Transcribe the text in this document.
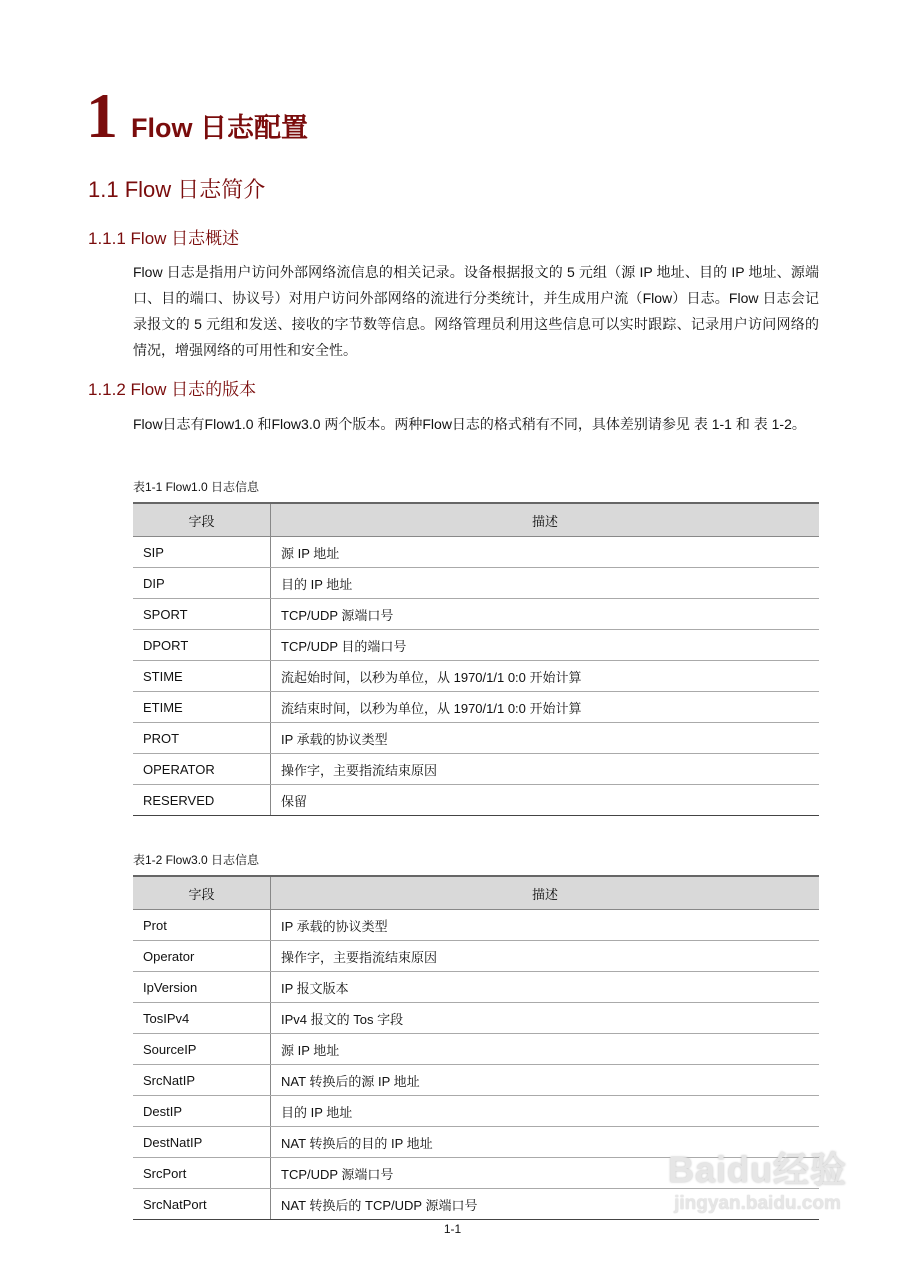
1 Flow 日志配置
1.1 Flow 日志简介
1.1.1 Flow 日志概述
Flow 日志是指用户访问外部网络流信息的相关记录。设备根据报文的 5 元组（源 IP 地址、目的 IP 地址、源端口、目的端口、协议号）对用户访问外部网络的流进行分类统计，并生成用户流（Flow）日志。Flow 日志会记录报文的 5 元组和发送、接收的字节数等信息。网络管理员利用这些信息可以实时跟踪、记录用户访问网络的情况，增强网络的可用性和安全性。
1.1.2 Flow 日志的版本
Flow日志有Flow1.0 和Flow3.0 两个版本。两种Flow日志的格式稍有不同，具体差别请参见 表 1-1 和 表 1-2。
表1-1 Flow1.0 日志信息
字段	描述
SIP	源 IP 地址
DIP	目的 IP 地址
SPORT	TCP/UDP 源端口号
DPORT	TCP/UDP 目的端口号
STIME	流起始时间，以秒为单位，从 1970/1/1 0:0 开始计算
ETIME	流结束时间，以秒为单位，从 1970/1/1 0:0 开始计算
PROT	IP 承载的协议类型
OPERATOR	操作字，主要指流结束原因
RESERVED	保留
表1-2 Flow3.0 日志信息
字段	描述
Prot	IP 承载的协议类型
Operator	操作字，主要指流结束原因
IpVersion	IP 报文版本
TosIPv4	IPv4 报文的 Tos 字段
SourceIP	源 IP 地址
SrcNatIP	NAT 转换后的源 IP 地址
DestIP	目的 IP 地址
DestNatIP	NAT 转换后的目的 IP 地址
SrcPort	TCP/UDP 源端口号
SrcNatPort	NAT 转换后的 TCP/UDP 源端口号
Baidu经验
jingyan.baidu.com
1-1
